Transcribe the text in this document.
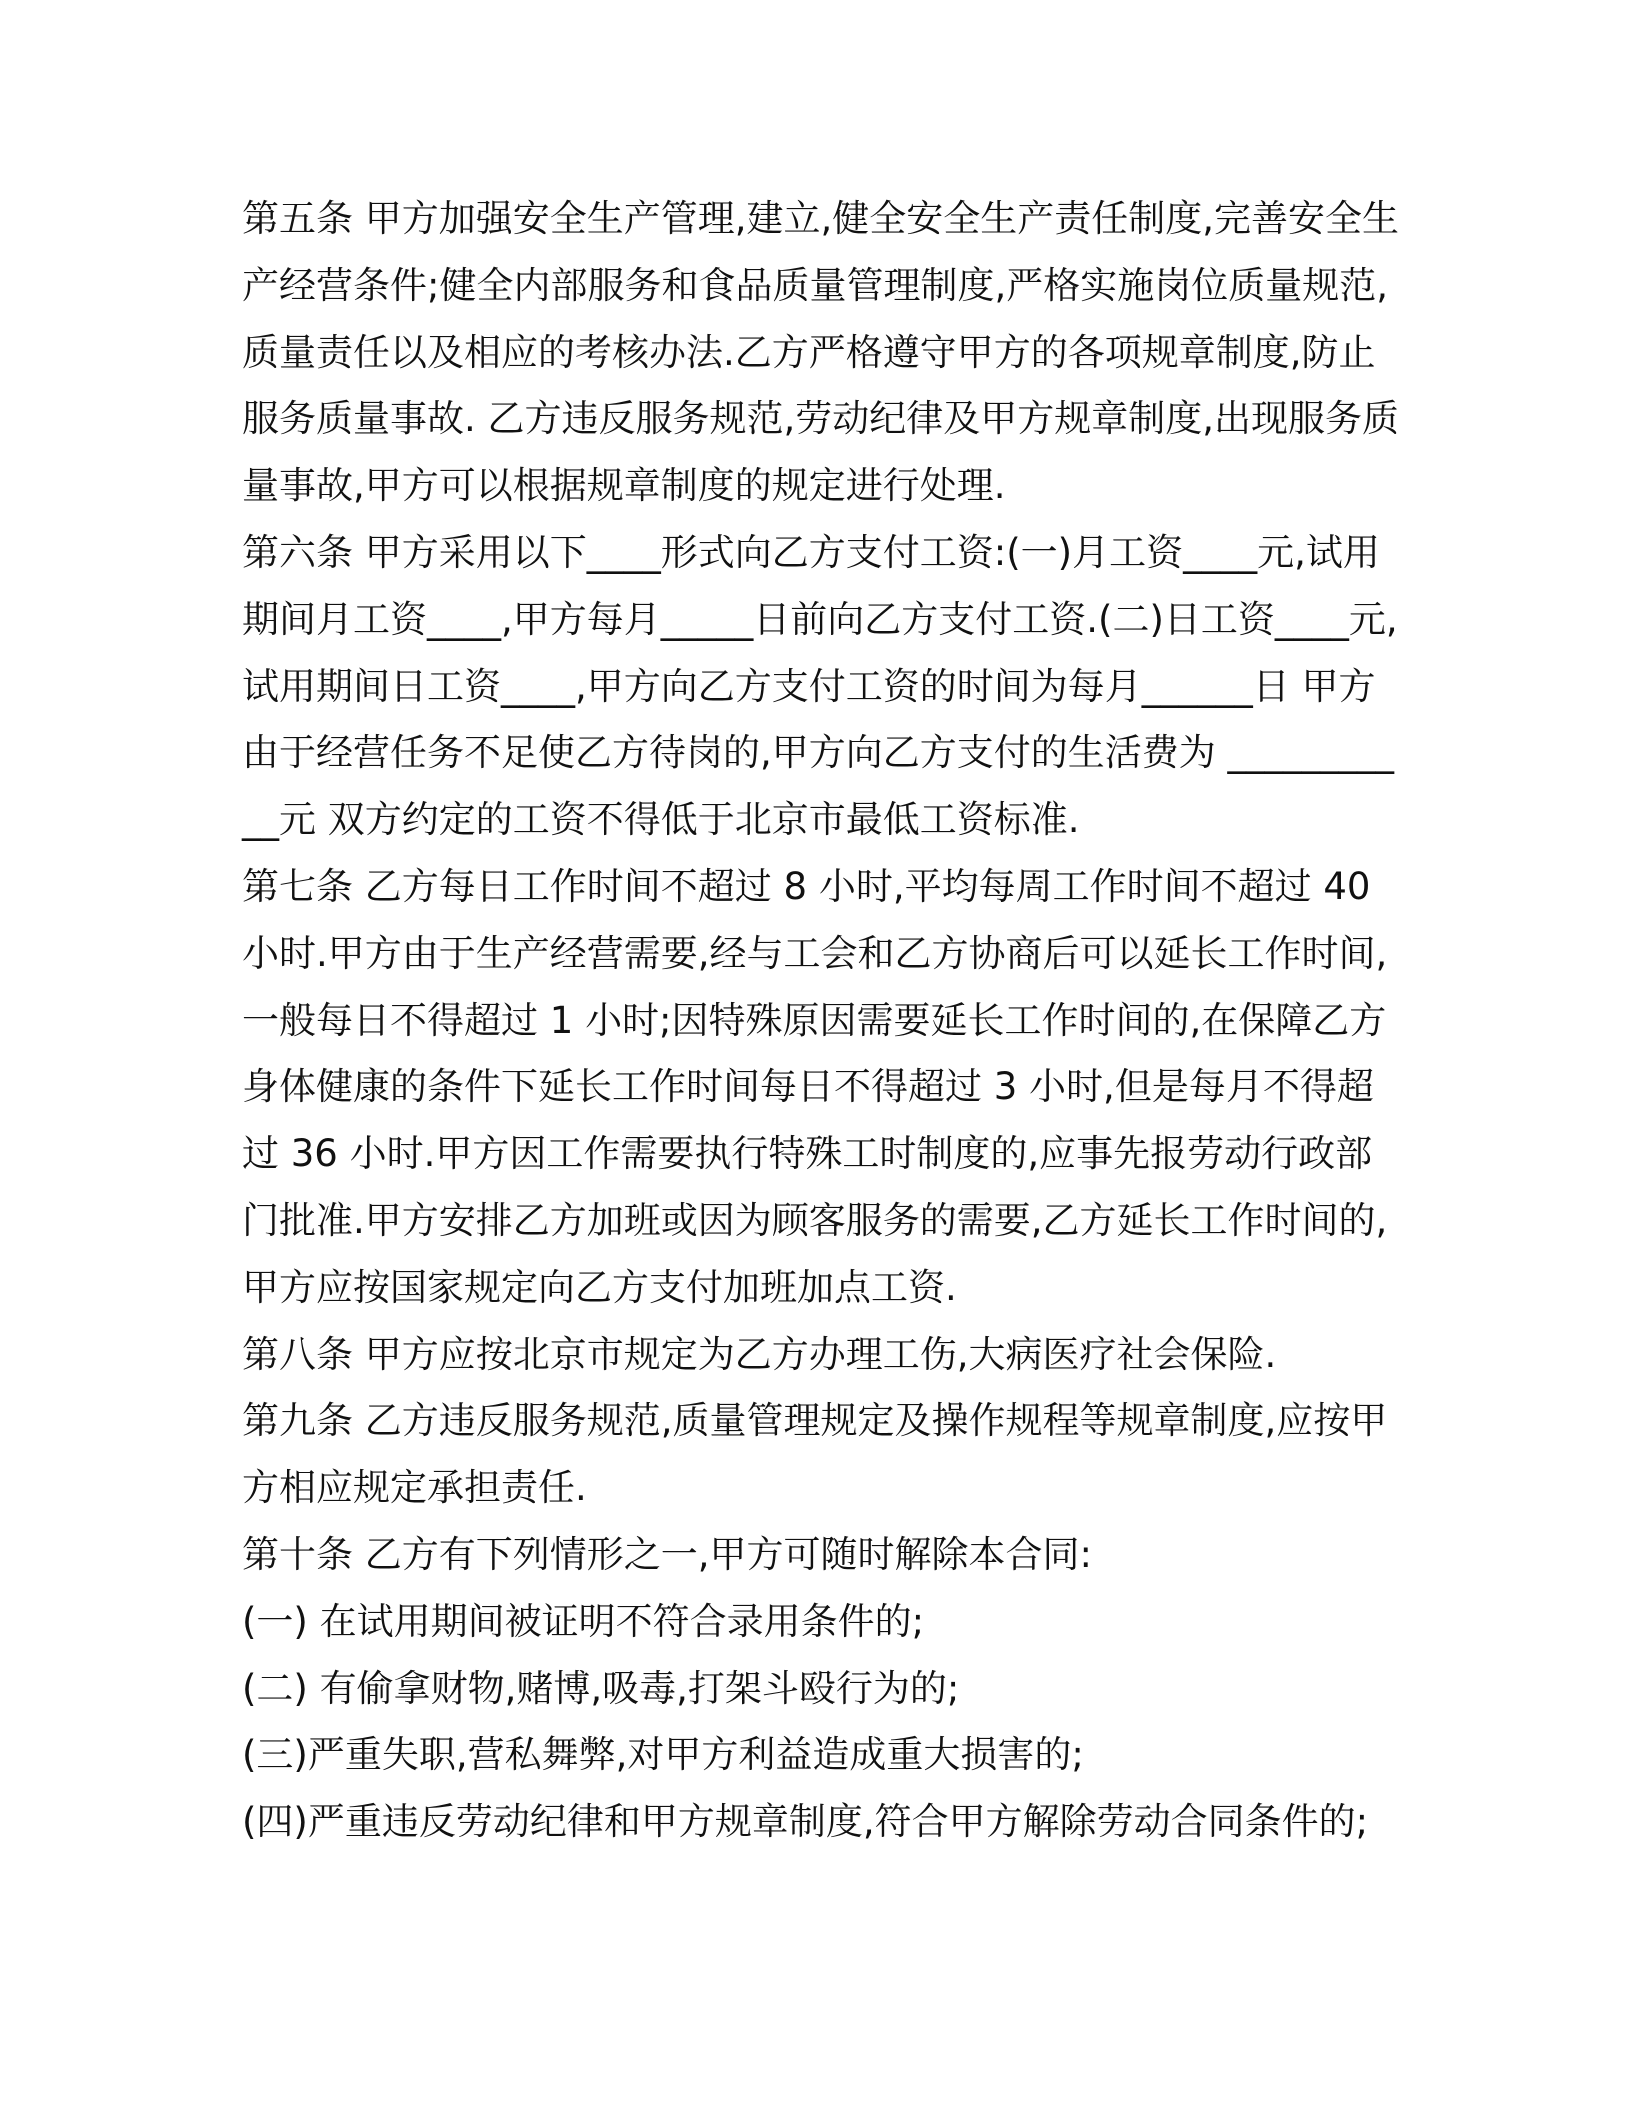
第五条 甲方加强安全生产管理,建立,健全安全生产责任制度,完善安全生产经营条件;健全内部服务和食品质量管理制度,严格实施岗位质量规范,质量责任以及相应的考核办法.乙方严格遵守甲方的各项规章制度,防止服务质量事故. 乙方违反服务规范,劳动纪律及甲方规章制度,出现服务质量事故,甲方可以根据规章制度的规定进行处理.

第六条 甲方采用以下____形式向乙方支付工资:(一)月工资____元,试用期间月工资____,甲方每月_____日前向乙方支付工资.(二)日工资____元,试用期间日工资____,甲方向乙方支付工资的时间为每月______日 甲方由于经营任务不足使乙方待岗的,甲方向乙方支付的生活费为 ___________元 双方约定的工资不得低于北京市最低工资标准.

第七条 乙方每日工作时间不超过 8 小时,平均每周工作时间不超过 40 小时.甲方由于生产经营需要,经与工会和乙方协商后可以延长工作时间,一般每日不得超过 1 小时;因特殊原因需要延长工作时间的,在保障乙方身体健康的条件下延长工作时间每日不得超过 3 小时,但是每月不得超过 36 小时.甲方因工作需要执行特殊工时制度的,应事先报劳动行政部门批准.甲方安排乙方加班或因为顾客服务的需要,乙方延长工作时间的,甲方应按国家规定向乙方支付加班加点工资.

第八条 甲方应按北京市规定为乙方办理工伤,大病医疗社会保险.

第九条 乙方违反服务规范,质量管理规定及操作规程等规章制度,应按甲方相应规定承担责任.

第十条 乙方有下列情形之一,甲方可随时解除本合同:

(一) 在试用期间被证明不符合录用条件的;

(二) 有偷拿财物,赌博,吸毒,打架斗殴行为的;

(三)严重失职,营私舞弊,对甲方利益造成重大损害的;

(四)严重违反劳动纪律和甲方规章制度,符合甲方解除劳动合同条件的;
